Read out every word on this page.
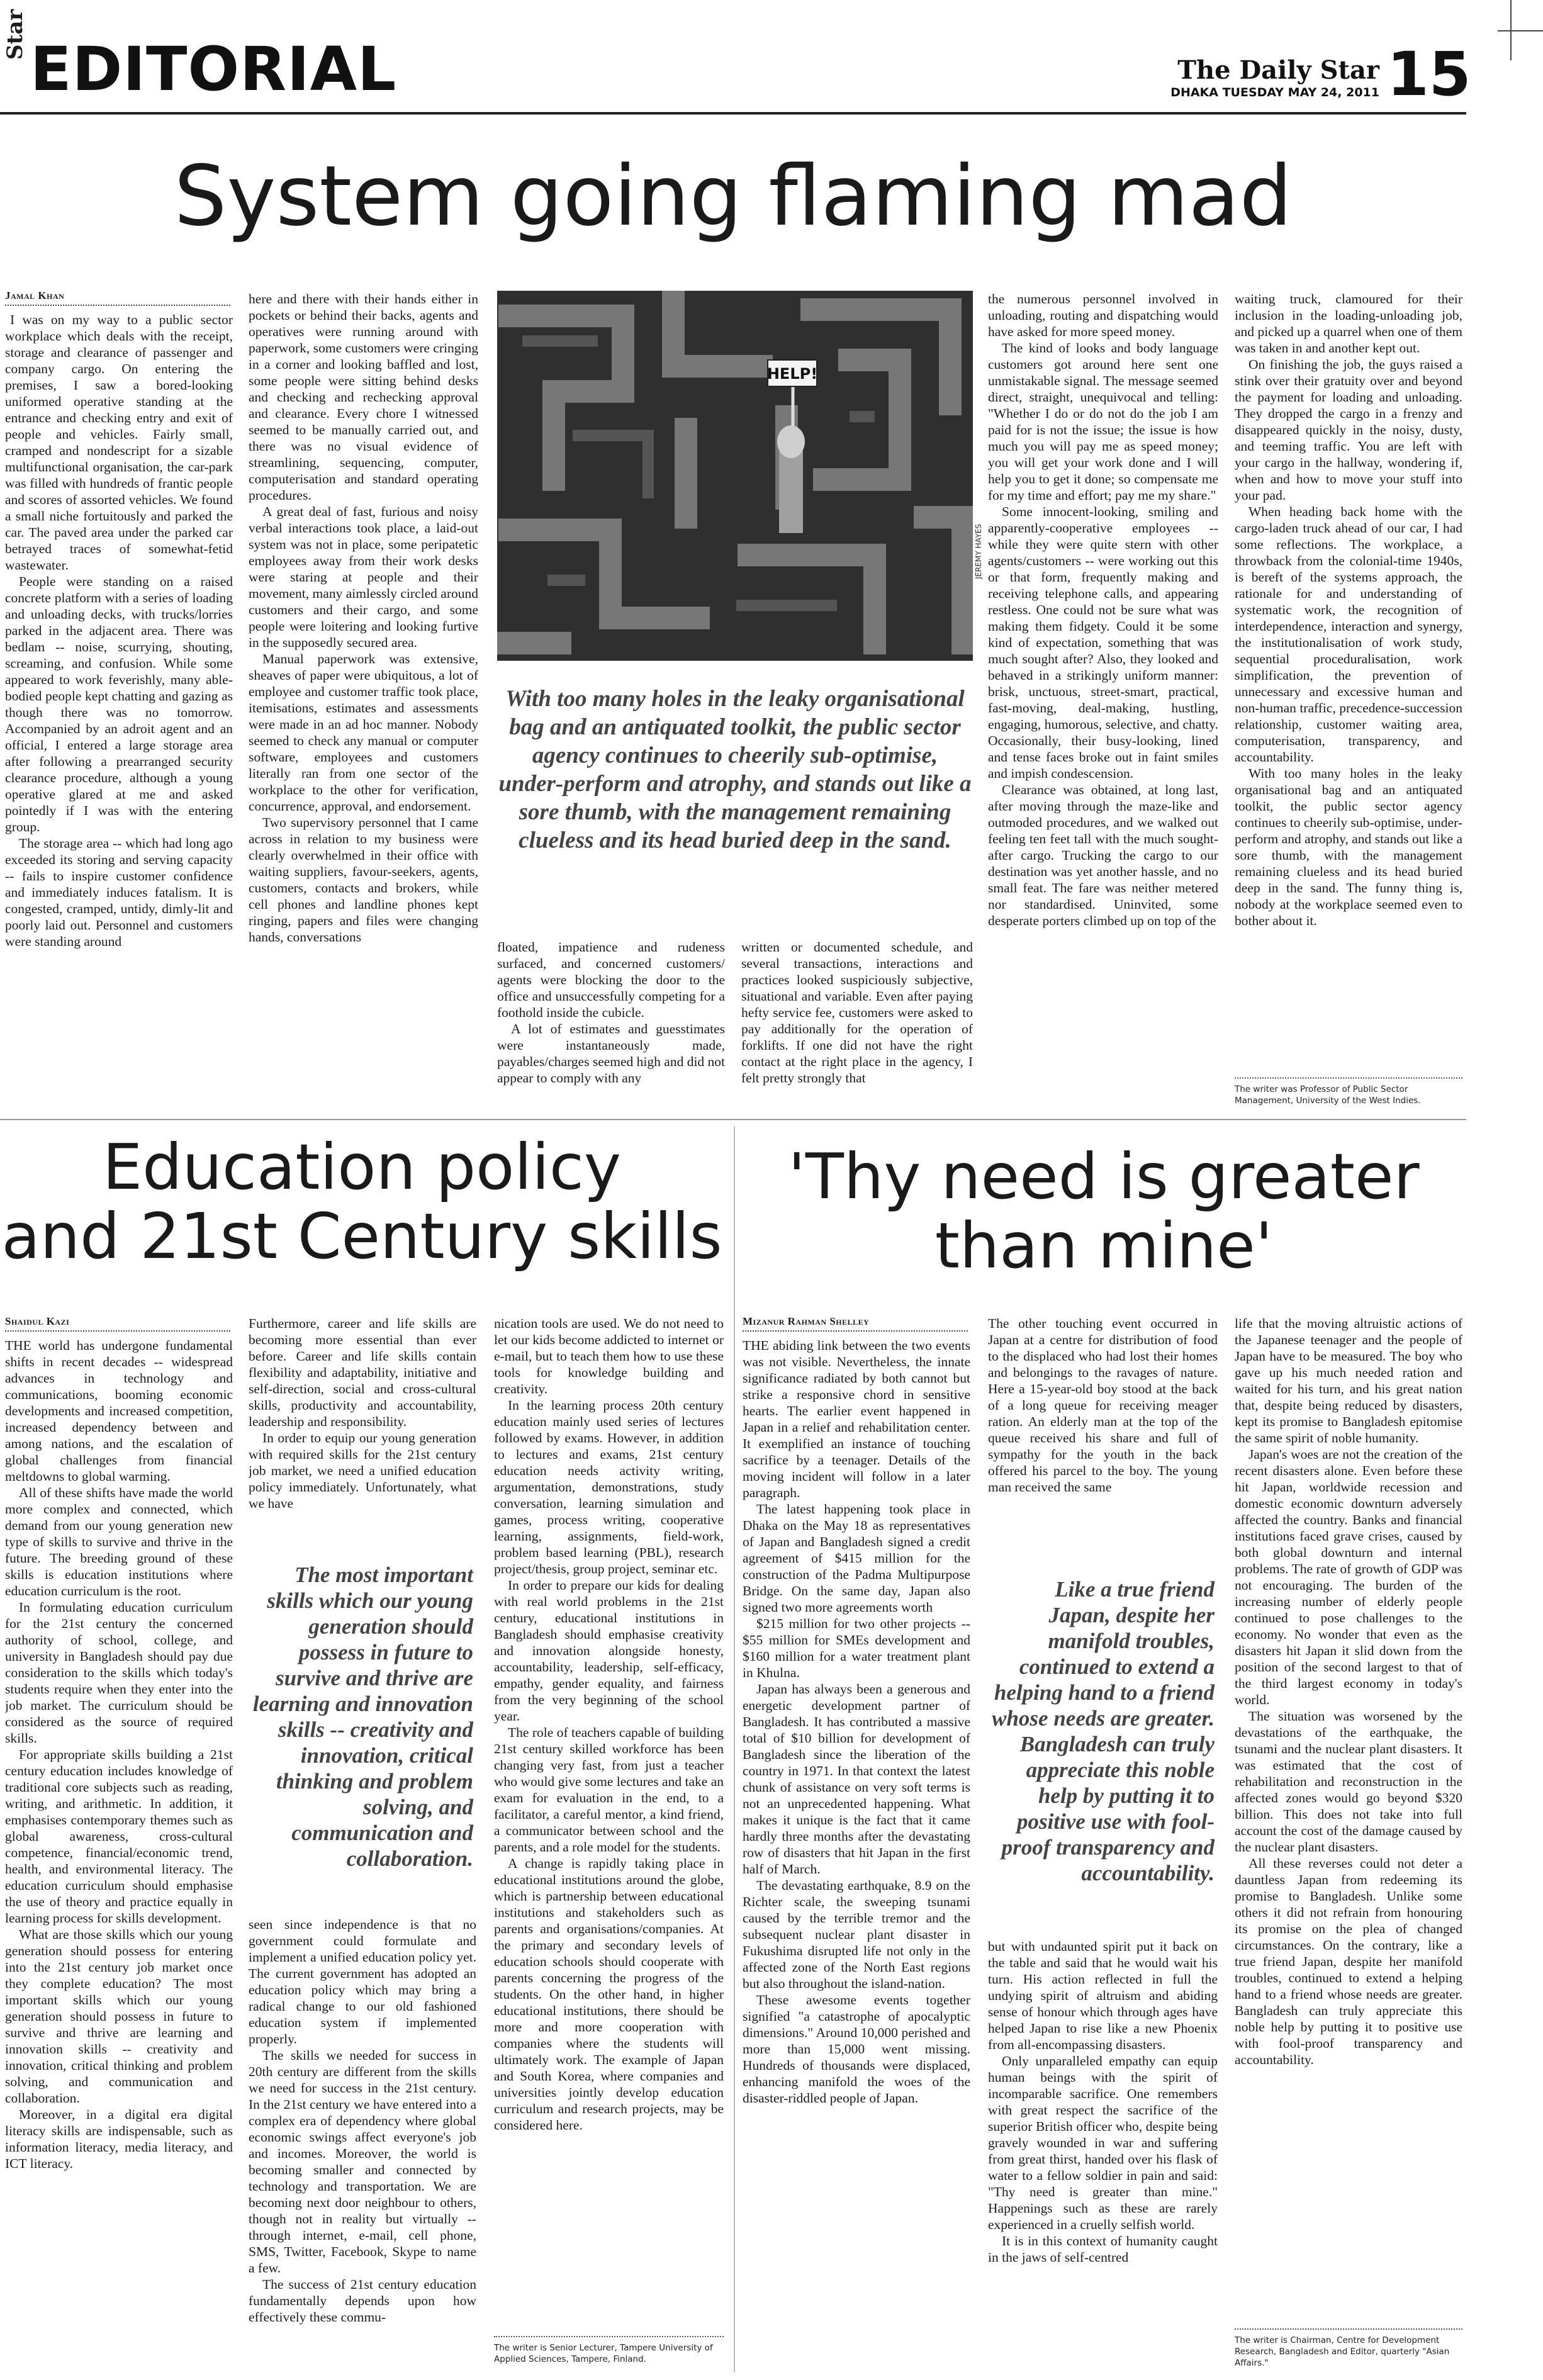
Star EDITORIAL	The Daily Star
DHAKA TUESDAY MAY 24, 2011 15
System going flaming mad
Jamal Khan

I was on my way to a public sector workplace which deals with the receipt, storage and clearance of passenger and company cargo. On entering the premises, I saw a bored-looking uniformed operative standing at the entrance and checking entry and exit of people and vehicles. Fairly small, cramped and nondescript for a sizable multifunctional organisation, the car-park was filled with hundreds of frantic people and scores of assorted vehicles. We found a small niche fortuitously and parked the car. The paved area under the parked car betrayed traces of somewhat-fetid wastewater.

People were standing on a raised concrete platform with a series of loading and unloading decks, with trucks/lorries parked in the adjacent area. There was bedlam -- noise, scurrying, shouting, screaming, and confusion. While some appeared to work feverishly, many able-bodied people kept chatting and gazing as though there was no tomorrow. Accompanied by an adroit agent and an official, I entered a large storage area after following a prearranged security clearance procedure, although a young operative glared at me and asked pointedly if I was with the entering group.

The storage area -- which had long ago exceeded its storing and serving capacity -- fails to inspire customer confidence and immediately induces fatalism. It is congested, cramped, untidy, dimly-lit and poorly laid out. Personnel and customers were standing around

here and there with their hands either in pockets or behind their backs, agents and operatives were running around with paperwork, some customers were cringing in a corner and looking baffled and lost, some people were sitting behind desks and checking and rechecking approval and clearance. Every chore I witnessed seemed to be manually carried out, and there was no visual evidence of streamlining, sequencing, computer, computerisation and standard operating procedures.

A great deal of fast, furious and noisy verbal interactions took place, a laid-out system was not in place, some peripatetic employees away from their work desks were staring at people and their movement, many aimlessly circled around customers and their cargo, and some people were loitering and looking furtive in the supposedly secured area.

Manual paperwork was extensive, sheaves of paper were ubiquitous, a lot of employee and customer traffic took place, itemisations, estimates and assessments were made in an ad hoc manner. Nobody seemed to check any manual or computer software, employees and customers literally ran from one sector of the workplace to the other for verification, concurrence, approval, and endorsement.

Two supervisory personnel that I came across in relation to my business were clearly overwhelmed in their office with waiting suppliers, favour-seekers, agents, customers, contacts and brokers, while cell phones and landline phones kept ringing, papers and files were changing hands, conversations

HELP!
JEREMY HAYES
With too many holes in the leaky organisational bag and an antiquated toolkit, the public sector agency continues to cheerily sub-optimise, under-perform and atrophy, and stands out like a sore thumb, with the management remaining clueless and its head buried deep in the sand.

floated, impatience and rudeness surfaced, and concerned customers/ agents were blocking the door to the office and unsuccessfully competing for a foothold inside the cubicle.

A lot of estimates and guesstimates were instantaneously made, payables/charges seemed high and did not appear to comply with any

written or documented schedule, and several transactions, interactions and practices looked suspiciously subjective, situational and variable. Even after paying hefty service fee, customers were asked to pay additionally for the operation of forklifts. If one did not have the right contact at the right place in the agency, I felt pretty strongly that

the numerous personnel involved in unloading, routing and dispatching would have asked for more speed money.

The kind of looks and body language customers got around here sent one unmistakable signal. The message seemed direct, straight, unequivocal and telling: "Whether I do or do not do the job I am paid for is not the issue; the issue is how much you will pay me as speed money; you will get your work done and I will help you to get it done; so compensate me for my time and effort; pay me my share."

Some innocent-looking, smiling and apparently-cooperative employees -- while they were quite stern with other agents/customers -- were working out this or that form, frequently making and receiving telephone calls, and appearing restless. One could not be sure what was making them fidgety. Could it be some kind of expectation, something that was much sought after? Also, they looked and behaved in a strikingly uniform manner: brisk, unctuous, street-smart, practical, fast-moving, deal-making, hustling, engaging, humorous, selective, and chatty. Occasionally, their busy-looking, lined and tense faces broke out in faint smiles and impish condescension.

Clearance was obtained, at long last, after moving through the maze-like and outmoded procedures, and we walked out feeling ten feet tall with the much sought-after cargo. Trucking the cargo to our destination was yet another hassle, and no small feat. The fare was neither metered nor standardised. Uninvited, some desperate porters climbed up on top of the

waiting truck, clamoured for their inclusion in the loading-unloading job, and picked up a quarrel when one of them was taken in and another kept out.

On finishing the job, the guys raised a stink over their gratuity over and beyond the payment for loading and unloading. They dropped the cargo in a frenzy and disappeared quickly in the noisy, dusty, and teeming traffic. You are left with your cargo in the hallway, wondering if, when and how to move your stuff into your pad.

When heading back home with the cargo-laden truck ahead of our car, I had some reflections. The workplace, a throwback from the colonial-time 1940s, is bereft of the systems approach, the rationale for and understanding of systematic work, the recognition of interdependence, interaction and synergy, the institutionalisation of work study, sequential proceduralisation, work simplification, the prevention of unnecessary and excessive human and non-human traffic, precedence-succession relationship, customer waiting area, computerisation, transparency, and accountability.

With too many holes in the leaky organisational bag and an antiquated toolkit, the public sector agency continues to cheerily sub-optimise, under-perform and atrophy, and stands out like a sore thumb, with the management remaining clueless and its head buried deep in the sand. The funny thing is, nobody at the workplace seemed even to bother about it.

The writer was Professor of Public Sector Management, University of the West Indies.
Education policy
and 21st Century skills
Shaidul Kazi

THE world has undergone fundamental shifts in recent decades -- widespread advances in technology and communications, booming economic developments and increased competition, increased dependency between and among nations, and the escalation of global challenges from financial meltdowns to global warming.

All of these shifts have made the world more complex and connected, which demand from our young generation new type of skills to survive and thrive in the future. The breeding ground of these skills is education institutions where education curriculum is the root.

In formulating education curriculum for the 21st century the concerned authority of school, college, and university in Bangladesh should pay due consideration to the skills which today's students require when they enter into the job market. The curriculum should be considered as the source of required skills.

For appropriate skills building a 21st century education includes knowledge of traditional core subjects such as reading, writing, and arithmetic. In addition, it emphasises contemporary themes such as global awareness, cross-cultural competence, financial/economic trend, health, and environmental literacy. The education curriculum should emphasise the use of theory and practice equally in learning process for skills development.

What are those skills which our young generation should possess for entering into the 21st century job market once they complete education? The most important skills which our young generation should possess in future to survive and thrive are learning and innovation skills -- creativity and innovation, critical thinking and problem solving, and communication and collaboration.

Moreover, in a digital era digital literacy skills are indispensable, such as information literacy, media literacy, and ICT literacy.

Furthermore, career and life skills are becoming more essential than ever before. Career and life skills contain flexibility and adaptability, initiative and self-direction, social and cross-cultural skills, productivity and accountability, leadership and responsibility.

In order to equip our young generation with required skills for the 21st century job market, we need a unified education policy immediately. Unfortunately, what we have

The most important skills which our young generation should possess in future to survive and thrive are learning and innovation skills -- creativity and innovation, critical thinking and problem solving, and communication and collaboration.

seen since independence is that no government could formulate and implement a unified education policy yet. The current government has adopted an education policy which may bring a radical change to our old fashioned education system if implemented properly.

The skills we needed for success in 20th century are different from the skills we need for success in the 21st century. In the 21st century we have entered into a complex era of dependency where global economic swings affect everyone's job and incomes. Moreover, the world is becoming smaller and connected by technology and transportation. We are becoming next door neighbour to others, though not in reality but virtually -- through internet, e-mail, cell phone, SMS, Twitter, Facebook, Skype to name a few.

The success of 21st century education fundamentally depends upon how effectively these commu-

nication tools are used. We do not need to let our kids become addicted to internet or e-mail, but to teach them how to use these tools for knowledge building and creativity.

In the learning process 20th century education mainly used series of lectures followed by exams. However, in addition to lectures and exams, 21st century education needs activity writing, argumentation, demonstrations, study conversation, learning simulation and games, process writing, cooperative learning, assignments, field-work, problem based learning (PBL), research project/thesis, group project, seminar etc.

In order to prepare our kids for dealing with real world problems in the 21st century, educational institutions in Bangladesh should emphasise creativity and innovation alongside honesty, accountability, leadership, self-efficacy, empathy, gender equality, and fairness from the very beginning of the school year.

The role of teachers capable of building 21st century skilled workforce has been changing very fast, from just a teacher who would give some lectures and take an exam for evaluation in the end, to a facilitator, a careful mentor, a kind friend, a communicator between school and the parents, and a role model for the students.

A change is rapidly taking place in educational institutions around the globe, which is partnership between educational institutions and stakeholders such as parents and organisations/companies. At the primary and secondary levels of education schools should cooperate with parents concerning the progress of the students. On the other hand, in higher educational institutions, there should be more and more cooperation with companies where the students will ultimately work. The example of Japan and South Korea, where companies and universities jointly develop education curriculum and research projects, may be considered here.

The writer is Senior Lecturer, Tampere University of Applied Sciences, Tampere, Finland.
'Thy need is greater
than mine'
Mizanur Rahman Shelley

THE abiding link between the two events was not visible. Nevertheless, the innate significance radiated by both cannot but strike a responsive chord in sensitive hearts. The earlier event happened in Japan in a relief and rehabilitation center. It exemplified an instance of touching sacrifice by a teenager. Details of the moving incident will follow in a later paragraph.

The latest happening took place in Dhaka on the May 18 as representatives of Japan and Bangladesh signed a credit agreement of $415 million for the construction of the Padma Multipurpose Bridge. On the same day, Japan also signed two more agreements worth

$215 million for two other projects -- $55 million for SMEs development and $160 million for a water treatment plant in Khulna.

Japan has always been a generous and energetic development partner of Bangladesh. It has contributed a massive total of $10 billion for development of Bangladesh since the liberation of the country in 1971. In that context the latest chunk of assistance on very soft terms is not an unprecedented happening. What makes it unique is the fact that it came hardly three months after the devastating row of disasters that hit Japan in the first half of March.

The devastating earthquake, 8.9 on the Richter scale, the sweeping tsunami caused by the terrible tremor and the subsequent nuclear plant disaster in Fukushima disrupted life not only in the affected zone of the North East regions but also throughout the island-nation.

These awesome events together signified "a catastrophe of apocalyptic dimensions." Around 10,000 perished and more than 15,000 went missing. Hundreds of thousands were displaced, enhancing manifold the woes of the disaster-riddled people of Japan.

The other touching event occurred in Japan at a centre for distribution of food to the displaced who had lost their homes and belongings to the ravages of nature. Here a 15-year-old boy stood at the back of a long queue for receiving meager ration. An elderly man at the top of the queue received his share and full of sympathy for the youth in the back offered his parcel to the boy. The young man received the same

Like a true friend Japan, despite her manifold troubles, continued to extend a helping hand to a friend whose needs are greater. Bangladesh can truly appreciate this noble help by putting it to positive use with fool-proof transparency and accountability.

but with undaunted spirit put it back on the table and said that he would wait his turn. His action reflected in full the undying spirit of altruism and abiding sense of honour which through ages have helped Japan to rise like a new Phoenix from all-encompassing disasters.

Only unparalleled empathy can equip human beings with the spirit of incomparable sacrifice. One remembers with great respect the sacrifice of the superior British officer who, despite being gravely wounded in war and suffering from great thirst, handed over his flask of water to a fellow soldier in pain and said: "Thy need is greater than mine." Happenings such as these are rarely experienced in a cruelly selfish world.

It is in this context of humanity caught in the jaws of self-centred

life that the moving altruistic actions of the Japanese teenager and the people of Japan have to be measured. The boy who gave up his much needed ration and waited for his turn, and his great nation that, despite being reduced by disasters, kept its promise to Bangladesh epitomise the same spirit of noble humanity.

Japan's woes are not the creation of the recent disasters alone. Even before these hit Japan, worldwide recession and domestic economic downturn adversely affected the country. Banks and financial institutions faced grave crises, caused by both global downturn and internal problems. The rate of growth of GDP was not encouraging. The burden of the increasing number of elderly people continued to pose challenges to the economy. No wonder that even as the disasters hit Japan it slid down from the position of the second largest to that of the third largest economy in today's world.

The situation was worsened by the devastations of the earthquake, the tsunami and the nuclear plant disasters. It was estimated that the cost of rehabilitation and reconstruction in the affected zones would go beyond $320 billion. This does not take into full account the cost of the damage caused by the nuclear plant disasters.

All these reverses could not deter a dauntless Japan from redeeming its promise to Bangladesh. Unlike some others it did not refrain from honouring its promise on the plea of changed circumstances. On the contrary, like a true friend Japan, despite her manifold troubles, continued to extend a helping hand to a friend whose needs are greater. Bangladesh can truly appreciate this noble help by putting it to positive use with fool-proof transparency and accountability.

The writer is Chairman, Centre for Development Research, Bangladesh and Editor, quarterly "Asian Affairs."
